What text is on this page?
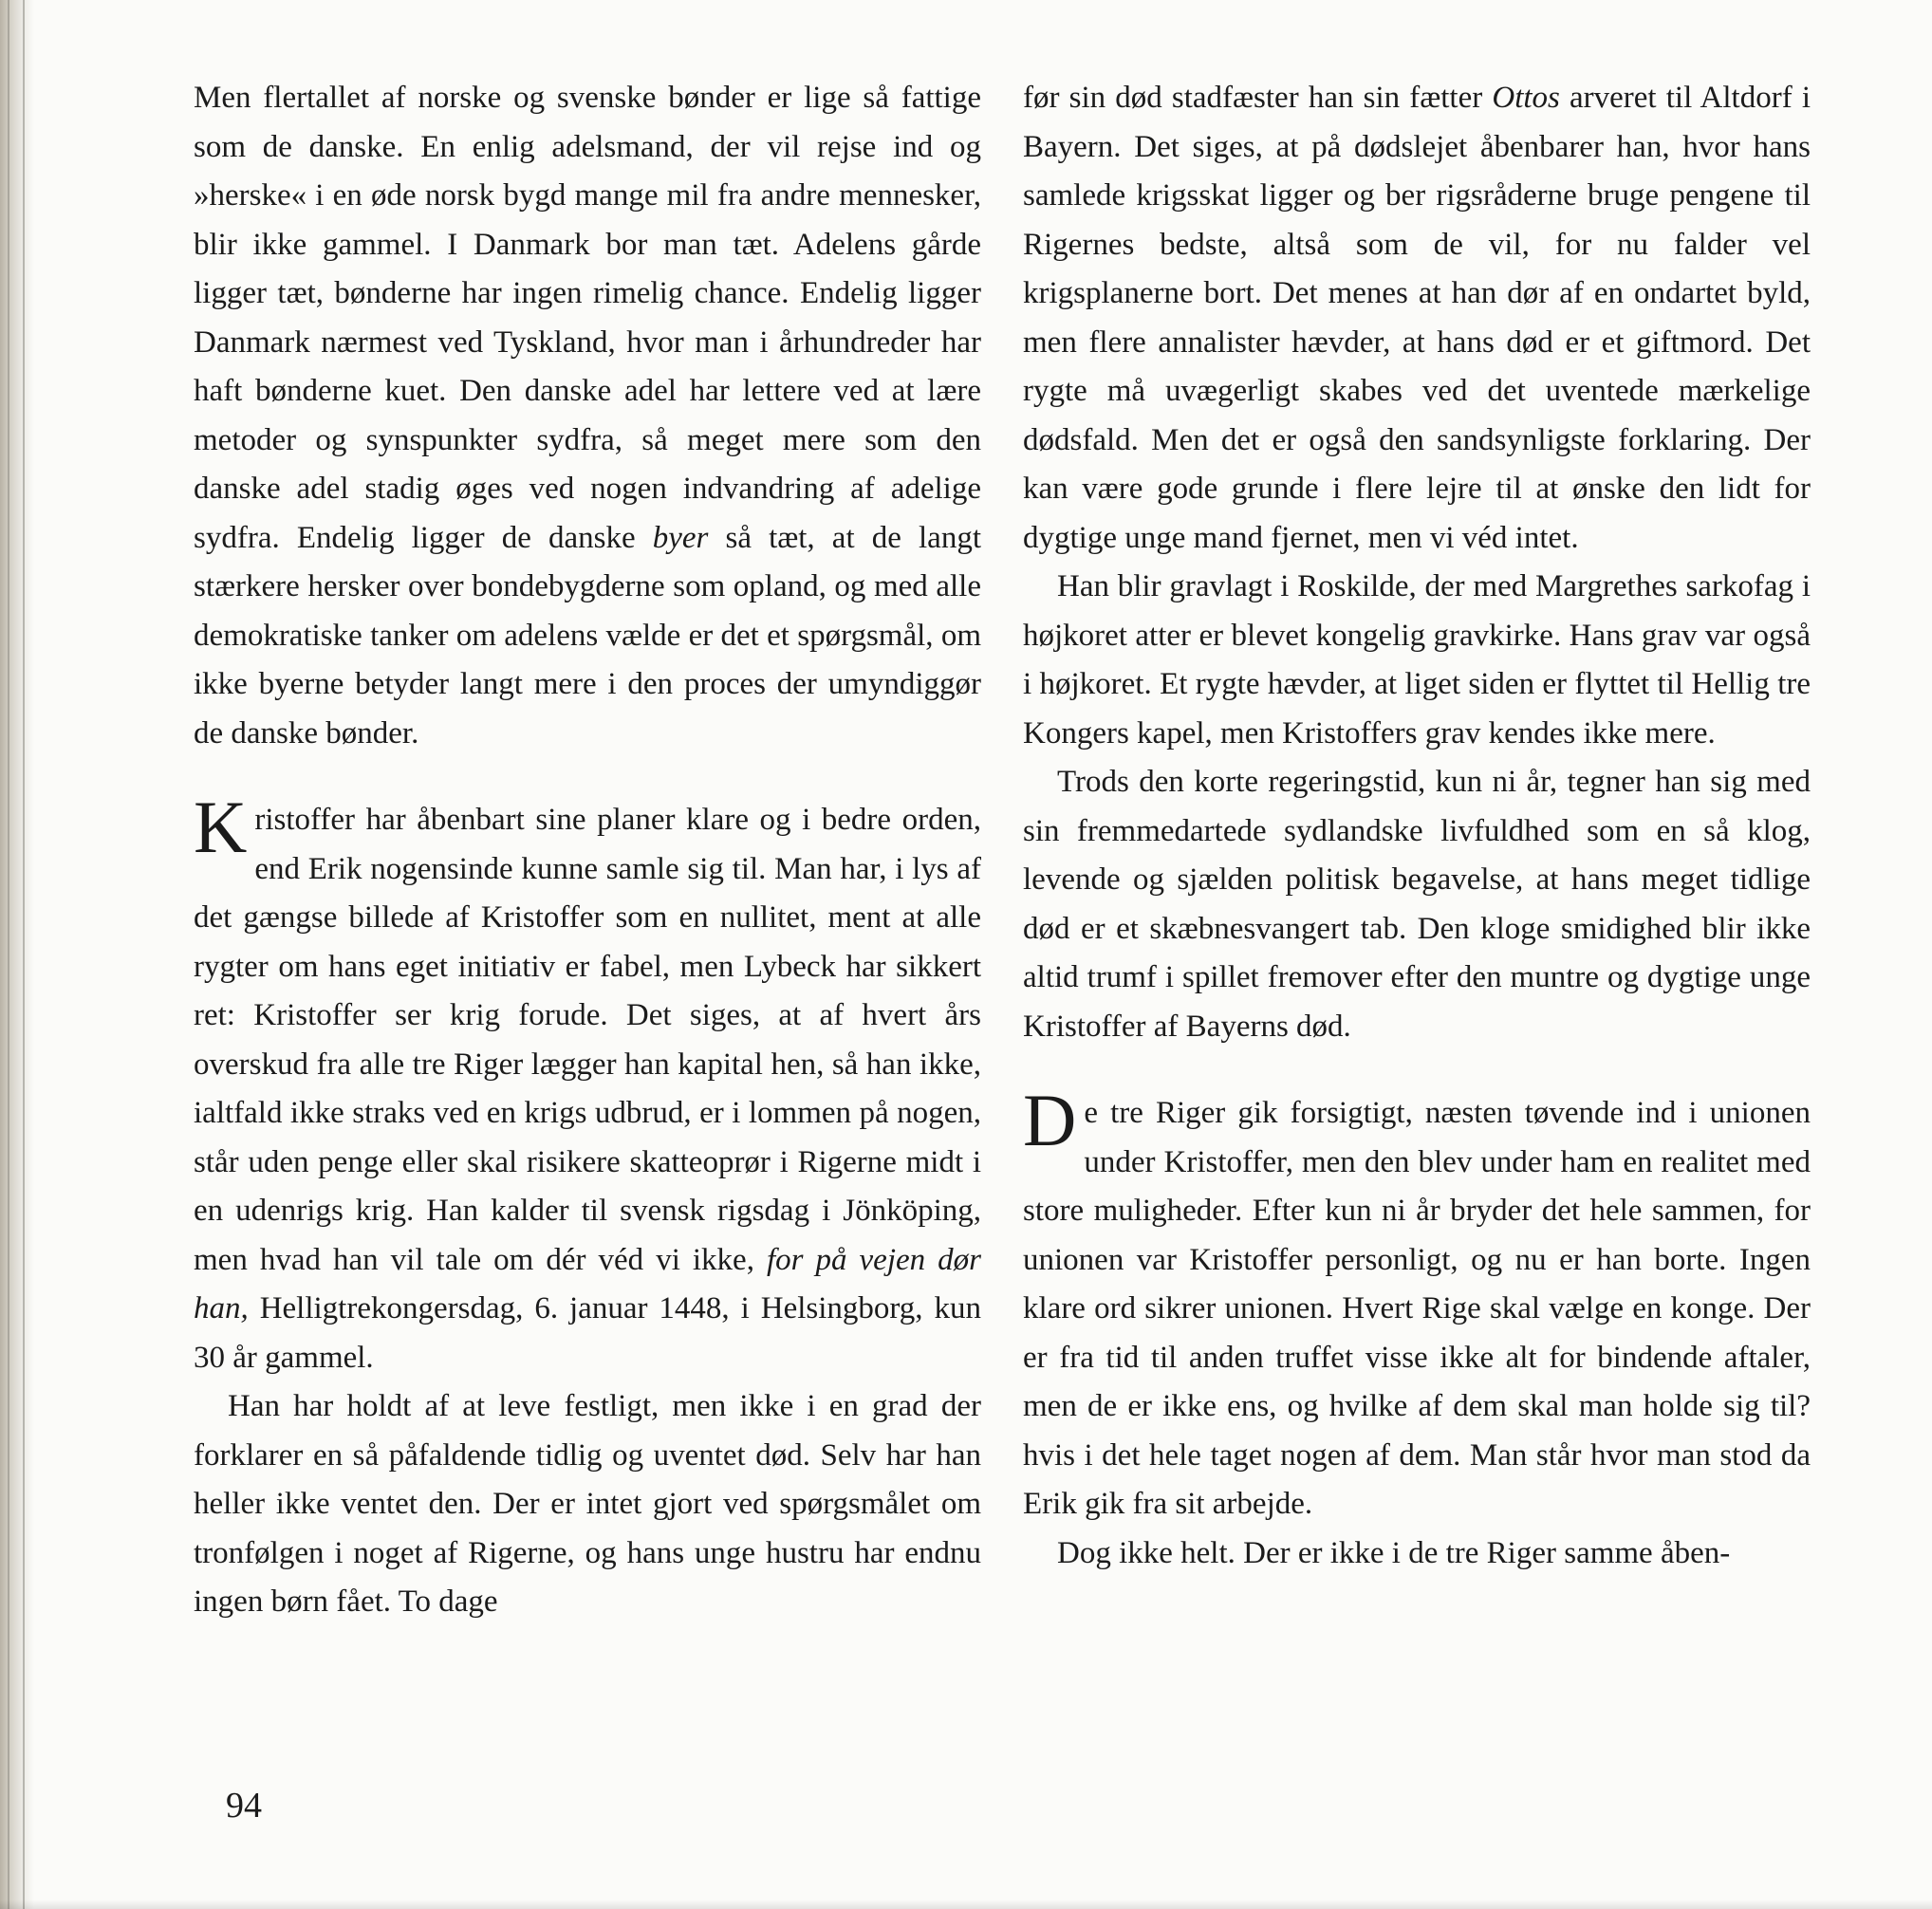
Men flertallet af norske og svenske bønder er lige så fattige som de danske. En enlig adelsmand, der vil rejse ind og »herske« i en øde norsk bygd mange mil fra andre mennesker, blir ikke gammel. I Danmark bor man tæt. Adelens gårde ligger tæt, bønderne har ingen rimelig chance. Endelig ligger Danmark nærmest ved Tyskland, hvor man i århundreder har haft bønderne kuet. Den danske adel har lettere ved at lære metoder og synspunkter sydfra, så meget mere som den danske adel stadig øges ved nogen indvandring af adelige sydfra. Endelig ligger de danske byer så tæt, at de langt stærkere hersker over bondebygderne som opland, og med alle demokratiske tanker om adelens vælde er det et spørgsmål, om ikke byerne betyder langt mere i den proces der umyndiggør de danske bønder.

Kristoffer har åbenbart sine planer klare og i bedre orden, end Erik nogensinde kunne samle sig til. Man har, i lys af det gængse billede af Kristoffer som en nullitet, ment at alle rygter om hans eget initiativ er fabel, men Lybeck har sikkert ret: Kristoffer ser krig forude. Det siges, at af hvert års overskud fra alle tre Riger lægger han kapital hen, så han ikke, ialtfald ikke straks ved en krigs udbrud, er i lommen på nogen, står uden penge eller skal risikere skatteoprør i Rigerne midt i en udenrigs krig. Han kalder til svensk rigsdag i Jönköping, men hvad han vil tale om dér véd vi ikke, for på vejen dør han, Helligtrekongersdag, 6. januar 1448, i Helsingborg, kun 30 år gammel.

Han har holdt af at leve festligt, men ikke i en grad der forklarer en så påfaldende tidlig og uventet død. Selv har han heller ikke ventet den. Der er intet gjort ved spørgsmålet om tronfølgen i noget af Rigerne, og hans unge hustru har endnu ingen børn fået. To dage

før sin død stadfæster han sin fætter Ottos arveret til Altdorf i Bayern. Det siges, at på dødslejet åbenbarer han, hvor hans samlede krigsskat ligger og ber rigsråderne bruge pengene til Rigernes bedste, altså som de vil, for nu falder vel krigsplanerne bort. Det menes at han dør af en ondartet byld, men flere annalister hævder, at hans død er et giftmord. Det rygte må uvægerligt skabes ved det uventede mærkelige dødsfald. Men det er også den sandsynligste forklaring. Der kan være gode grunde i flere lejre til at ønske den lidt for dygtige unge mand fjernet, men vi véd intet.

Han blir gravlagt i Roskilde, der med Margrethes sarkofag i højkoret atter er blevet kongelig gravkirke. Hans grav var også i højkoret. Et rygte hævder, at liget siden er flyttet til Hellig tre Kongers kapel, men Kristoffers grav kendes ikke mere.

Trods den korte regeringstid, kun ni år, tegner han sig med sin fremmedartede sydlandske livfuldhed som en så klog, levende og sjælden politisk begavelse, at hans meget tidlige død er et skæbnesvangert tab. Den kloge smidighed blir ikke altid trumf i spillet fremover efter den muntre og dygtige unge Kristoffer af Bayerns død.

De tre Riger gik forsigtigt, næsten tøvende ind i unionen under Kristoffer, men den blev under ham en realitet med store muligheder. Efter kun ni år bryder det hele sammen, for unionen var Kristoffer personligt, og nu er han borte. Ingen klare ord sikrer unionen. Hvert Rige skal vælge en konge. Der er fra tid til anden truffet visse ikke alt for bindende aftaler, men de er ikke ens, og hvilke af dem skal man holde sig til? hvis i det hele taget nogen af dem. Man står hvor man stod da Erik gik fra sit arbejde.

Dog ikke helt. Der er ikke i de tre Riger samme åben-

94
